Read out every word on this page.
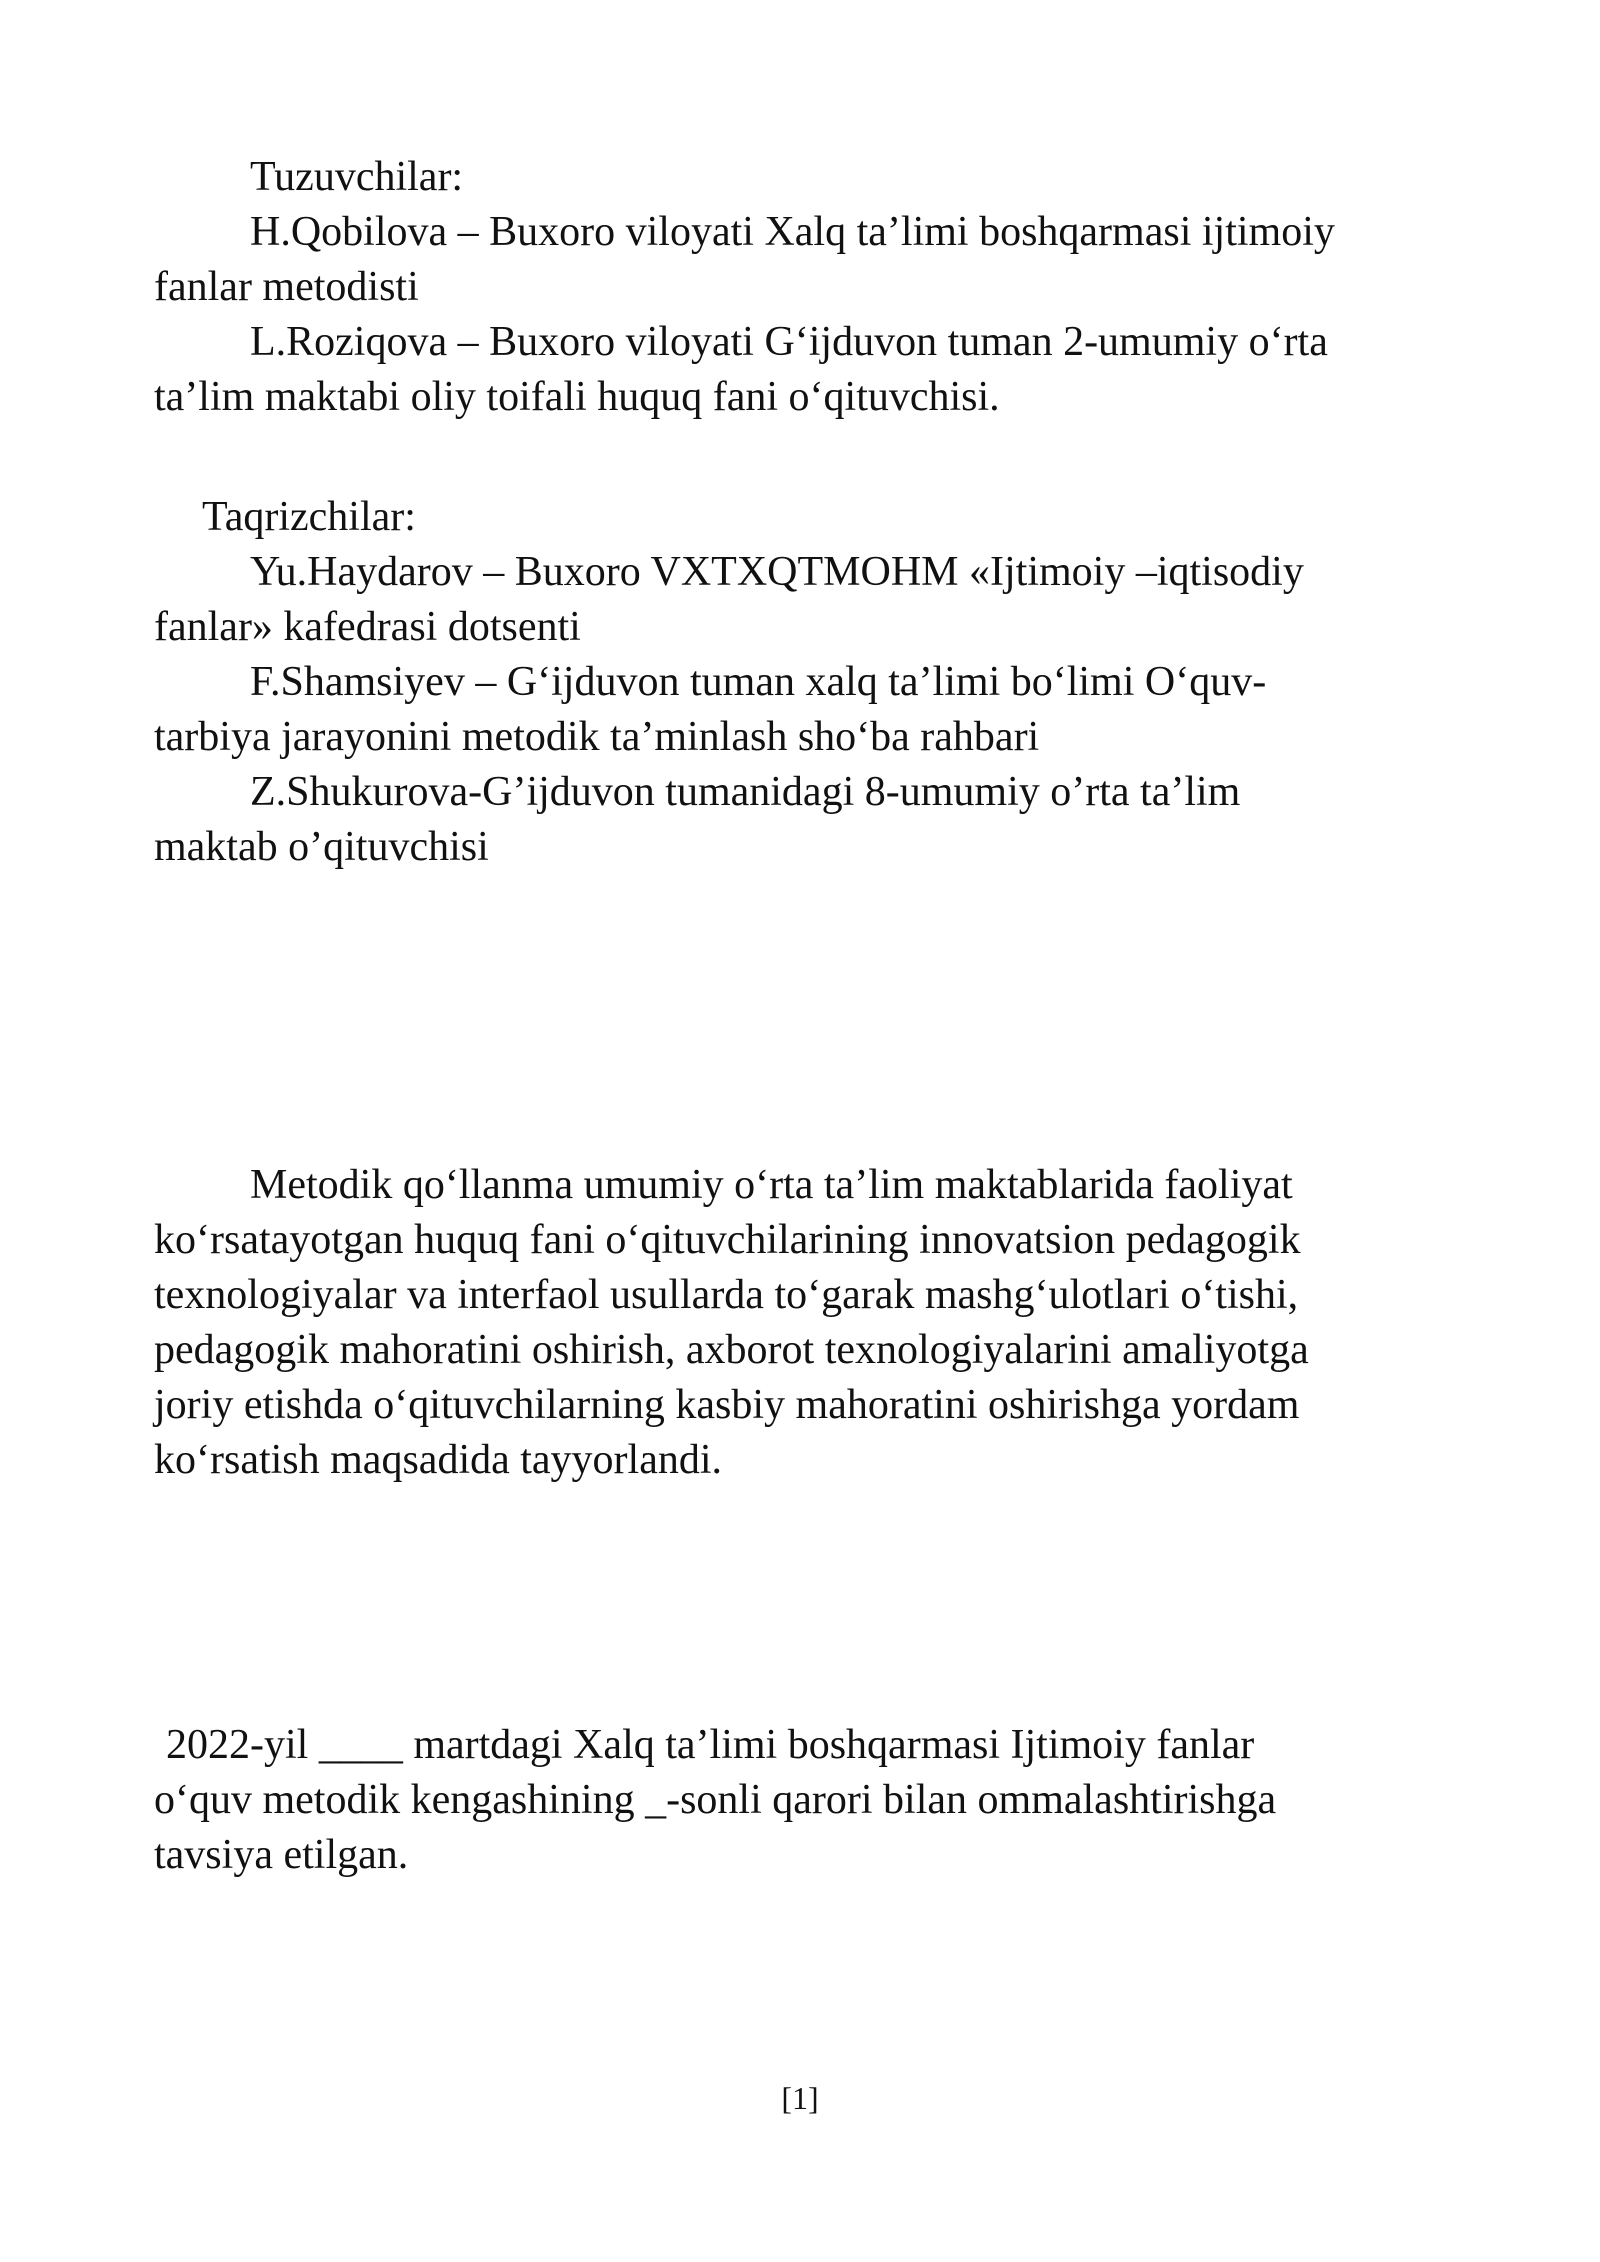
Tuzuvchilar:

H.Qobilova – Buxoro viloyati Xalq ta’limi boshqarmasi ijtimoiy

fanlar metodisti

L.Roziqova – Buxoro viloyati G‘ijduvon tuman 2-umumiy o‘rta

ta’lim maktabi oliy toifali huquq fani o‘qituvchisi.

Taqrizchilar:

Yu.Haydarov – Buxoro VXTXQTMOHM «Ijtimoiy –iqtisodiy

fanlar» kafedrasi dotsenti

F.Shamsiyev – G‘ijduvon tuman xalq ta’limi bo‘limi O‘quv-

tarbiya jarayonini metodik ta’minlash sho‘ba rahbari

Z.Shukurova-G’ijduvon tumanidagi 8-umumiy o’rta ta’lim

maktab o’qituvchisi

Metodik qo‘llanma umumiy o‘rta ta’lim maktablarida faoliyat

ko‘rsatayotgan huquq fani o‘qituvchilarining innovatsion pedagogik

texnologiyalar va interfaol usullarda to‘garak mashg‘ulotlari o‘tishi,

pedagogik mahoratini oshirish, axborot texnologiyalarini amaliyotga

joriy etishda o‘qituvchilarning kasbiy mahoratini oshirishga yordam

ko‘rsatish maqsadida tayyorlandi.

2022-yil ____ martdagi Xalq ta’limi boshqarmasi Ijtimoiy fanlar

o‘quv metodik kengashining _-sonli qarori bilan ommalashtirishga

tavsiya etilgan.

[1]
